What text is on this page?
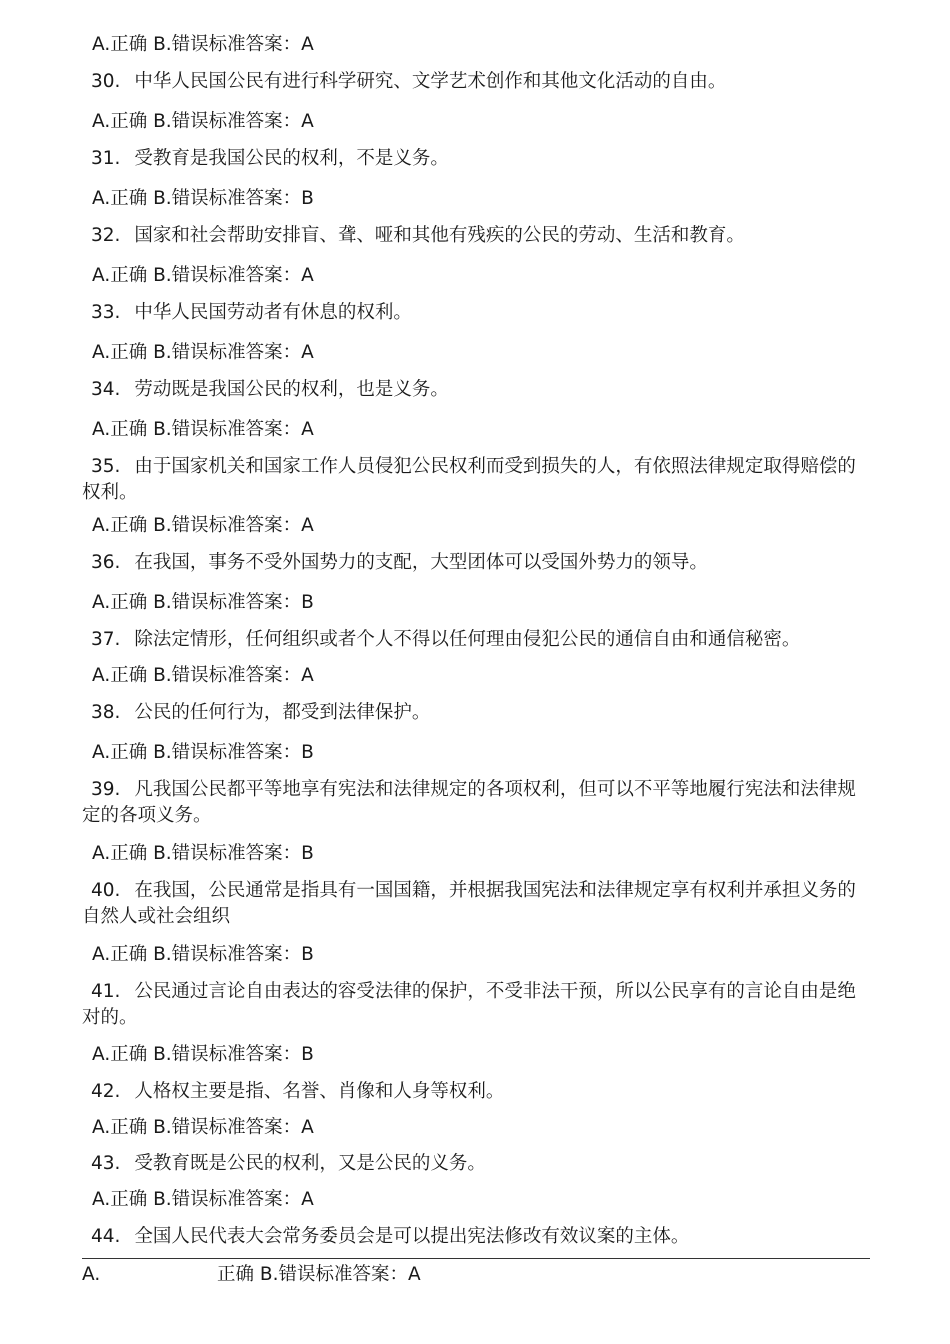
A.正确 B.错误标准答案：A
30. 中华人民国公民有进行科学研究、文学艺术创作和其他文化活动的自由。
A.正确 B.错误标准答案：A
31. 受教育是我国公民的权利，不是义务。
A.正确 B.错误标准答案：B
32. 国家和社会帮助安排盲、聋、哑和其他有残疾的公民的劳动、生活和教育。
A.正确 B.错误标准答案：A
33. 中华人民国劳动者有休息的权利。
A.正确 B.错误标准答案：A
34. 劳动既是我国公民的权利，也是义务。
A.正确 B.错误标准答案：A
35. 由于国家机关和国家工作人员侵犯公民权利而受到损失的人，有依照法律规定取得赔偿的权利。
A.正确 B.错误标准答案：A
36. 在我国，事务不受外国势力的支配，大型团体可以受国外势力的领导。
A.正确 B.错误标准答案：B
37. 除法定情形，任何组织或者个人不得以任何理由侵犯公民的通信自由和通信秘密。
A.正确 B.错误标准答案：A
38. 公民的任何行为，都受到法律保护。
A.正确 B.错误标准答案：B
39. 凡我国公民都平等地享有宪法和法律规定的各项权利，但可以不平等地履行宪法和法律规定的各项义务。
A.正确 B.错误标准答案：B
40. 在我国，公民通常是指具有一国国籍，并根据我国宪法和法律规定享有权利并承担义务的自然人或社会组织
A.正确 B.错误标准答案：B
41. 公民通过言论自由表达的容受法律的保护，不受非法干预，所以公民享有的言论自由是绝对的。
A.正确 B.错误标准答案：B
42. 人格权主要是指、名誉、肖像和人身等权利。
A.正确 B.错误标准答案：A
43. 受教育既是公民的权利，又是公民的义务。
A.正确 B.错误标准答案：A
44. 全国人民代表大会常务委员会是可以提出宪法修改有效议案的主体。
A.	正确 B.错误标准答案：A
